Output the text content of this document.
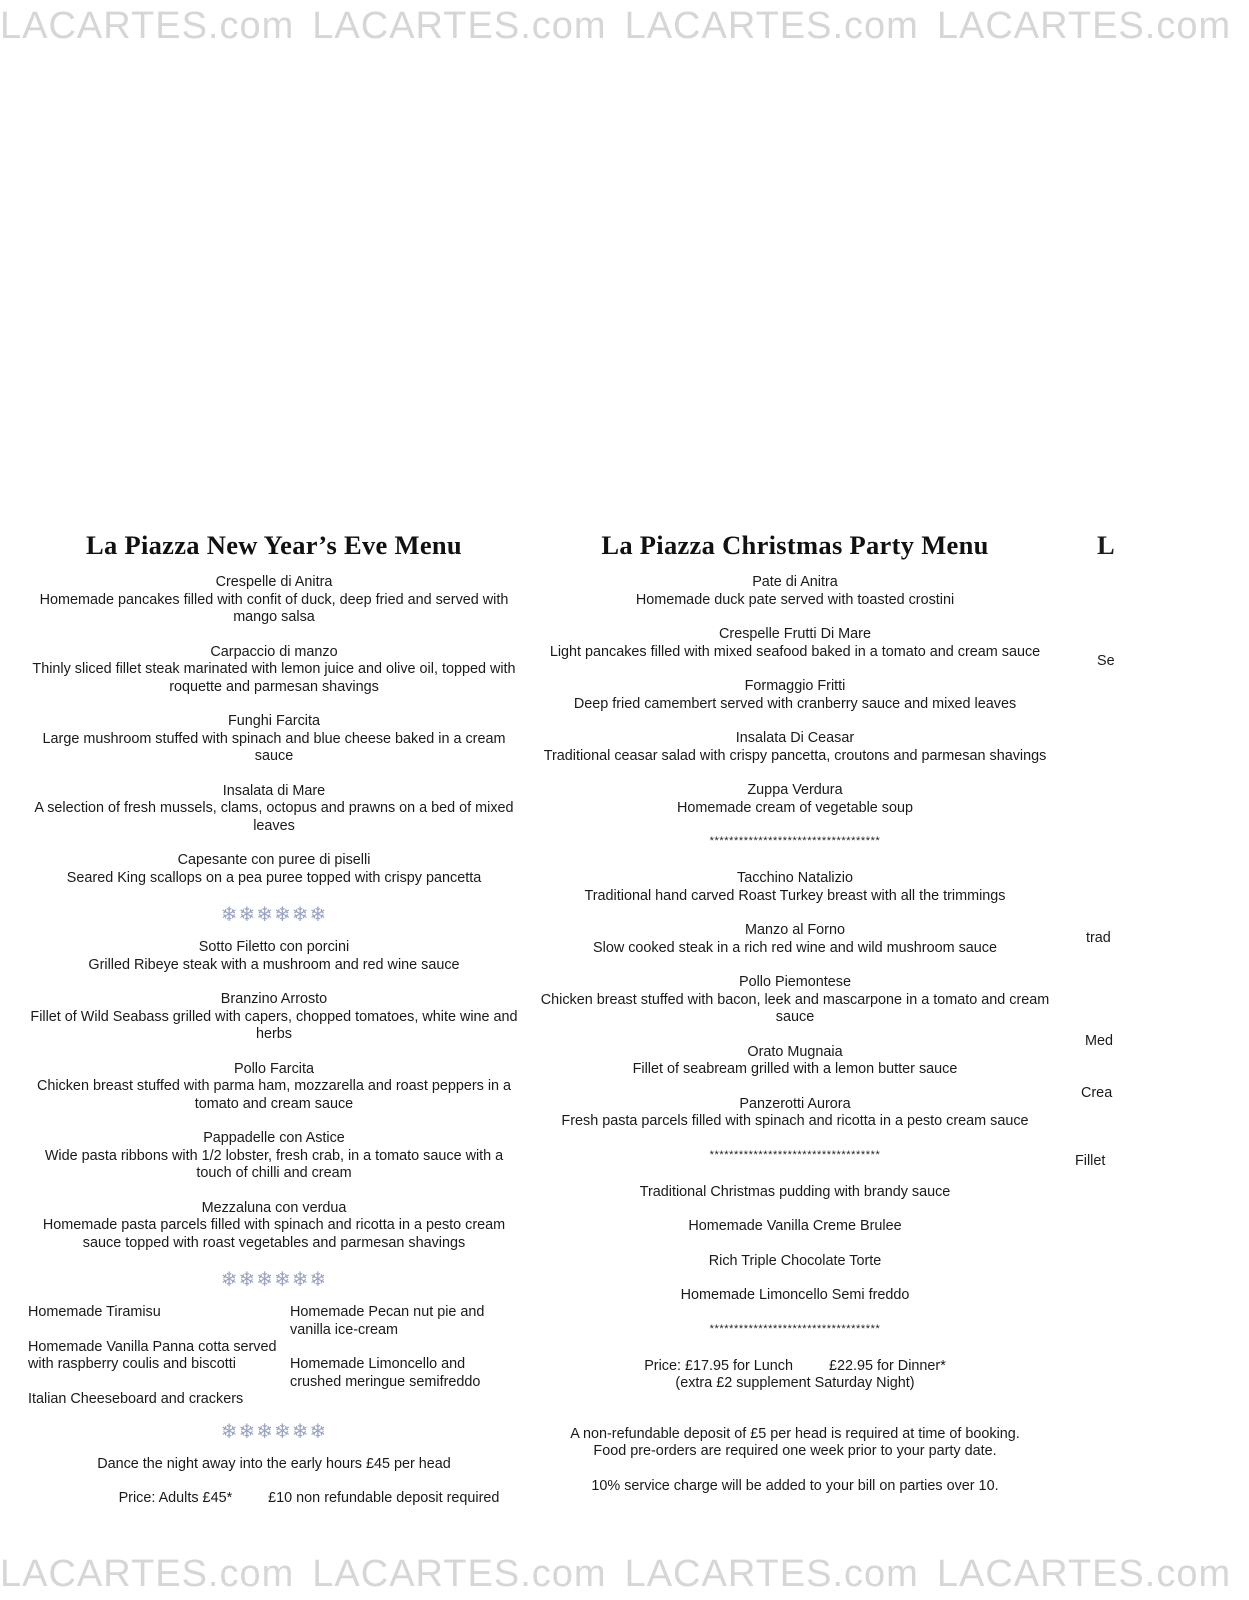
LACARTES.com LACARTES.com LACARTES.com LACARTES.com
La Piazza New Year’s Eve Menu
Crespelle di Anitra
Homemade pancakes filled with confit of duck, deep fried and served with mango salsa
Carpaccio di manzo
Thinly sliced fillet steak marinated with lemon juice and olive oil, topped with roquette and parmesan shavings
Funghi Farcita
Large mushroom stuffed with spinach and blue cheese baked in a cream sauce
Insalata di Mare
A selection of fresh mussels, clams, octopus and prawns on a bed of mixed leaves
Capesante con puree di piselli
Seared King scallops on a pea puree topped with crispy pancetta
❄❄❄❄❄❄
Sotto Filetto con porcini
Grilled Ribeye steak with a mushroom and red wine sauce
Branzino Arrosto
Fillet of Wild Seabass grilled with capers, chopped tomatoes, white wine and herbs
Pollo Farcita
Chicken breast stuffed with parma ham, mozzarella and roast peppers in a tomato and cream sauce
Pappadelle con Astice
Wide pasta ribbons with 1/2 lobster, fresh crab, in a tomato sauce with a touch of chilli and cream
Mezzaluna con verdua
Homemade pasta parcels filled with spinach and ricotta in a pesto cream sauce topped with roast vegetables and parmesan shavings
❄❄❄❄❄❄
Homemade Tiramisu
Homemade Vanilla Panna cotta served with raspberry coulis and biscotti
Italian Cheeseboard and crackers
Homemade Pecan nut pie and vanilla ice-cream
Homemade Limoncello and crushed meringue semifreddo
❄❄❄❄❄❄
Dance the night away into the early hours £45 per head
Price: Adults £45*	£10 non refundable deposit required
La Piazza Christmas Party Menu
Pate di Anitra
Homemade duck pate served with toasted crostini
Crespelle Frutti Di Mare
Light pancakes filled with mixed seafood baked in a tomato and cream sauce
Formaggio Fritti
Deep fried camembert served with cranberry sauce and mixed leaves
Insalata Di Ceasar
Traditional ceasar salad with crispy pancetta, croutons and parmesan shavings
Zuppa Verdura
Homemade cream of vegetable soup
***********************************
Tacchino Natalizio
Traditional hand carved Roast Turkey breast with all the trimmings
Manzo al Forno
Slow cooked steak in a rich red wine and wild mushroom sauce
Pollo Piemontese
Chicken breast stuffed with bacon, leek and mascarpone in a tomato and cream sauce
Orato Mugnaia
Fillet of seabream grilled with a lemon butter sauce
Panzerotti Aurora
Fresh pasta parcels filled with spinach and ricotta in a pesto cream sauce
***********************************
Traditional Christmas pudding with brandy sauce
Homemade Vanilla Creme Brulee
Rich Triple Chocolate Torte
Homemade Limoncello Semi freddo
***********************************
Price: £17.95 for Lunch	£22.95 for Dinner*
(extra £2 supplement Saturday Night)
A non-refundable deposit of £5 per head is required at time of booking.
Food pre-orders are required one week prior to your party date.
10% service charge will be added to your bill on parties over 10.
L
Se
trad
Med
Crea
Fillet
LACARTES.com LACARTES.com LACARTES.com LACARTES.com
